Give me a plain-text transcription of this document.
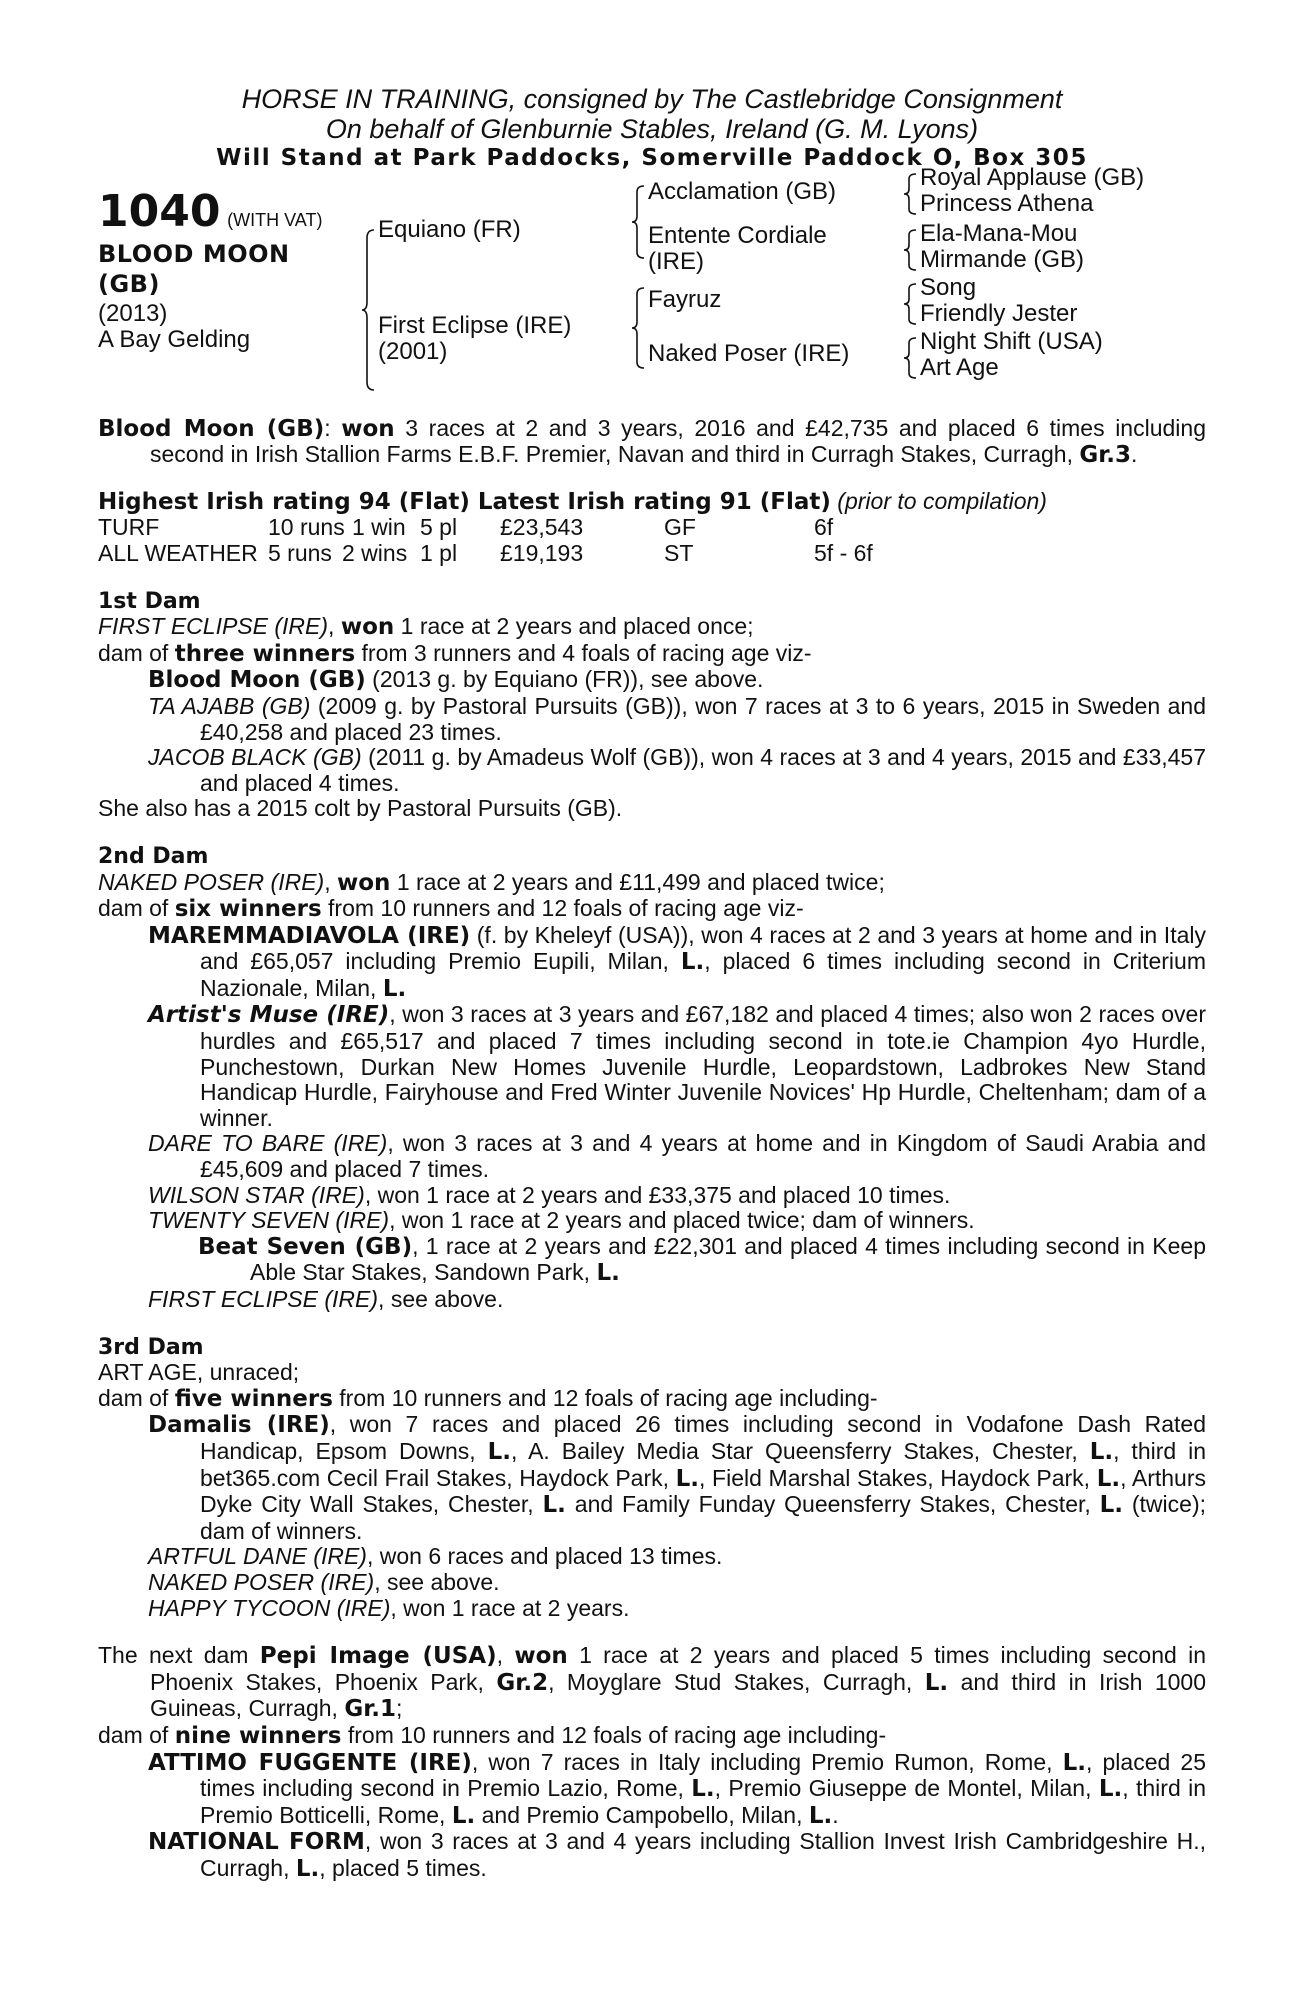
HORSE IN TRAINING, consigned by The Castlebridge Consignment
On behalf of Glenburnie Stables, Ireland (G. M. Lyons)
Will Stand at Park Paddocks, Somerville Paddock O, Box 305
1040 (WITH VAT)
BLOOD MOON
(GB)
(2013)
A Bay Gelding
Equiano (FR)
First Eclipse (IRE)
(2001)
Acclamation (GB)
Entente Cordiale
(IRE)
Fayruz
Naked Poser (IRE)
Royal Applause (GB)
Princess Athena
Ela-Mana-Mou
Mirmande (GB)
Song
Friendly Jester
Night Shift (USA)
Art Age
Blood Moon (GB): won 3 races at 2 and 3 years, 2016 and £42,735 and placed 6 times including second in Irish Stallion Farms E.B.F. Premier, Navan and third in Curragh Stakes, Curragh, Gr.3.
Highest Irish rating 94 (Flat) Latest Irish rating 91 (Flat) (prior to compilation)
TURF	10 runs 1 win 5 pl	£23,543	GF	6f
ALL WEATHER 5 runs 2 wins 1 pl	£19,193	ST	5f - 6f
1st Dam
FIRST ECLIPSE (IRE), won 1 race at 2 years and placed once;
dam of three winners from 3 runners and 4 foals of racing age viz-
Blood Moon (GB) (2013 g. by Equiano (FR)), see above.
TA AJABB (GB) (2009 g. by Pastoral Pursuits (GB)), won 7 races at 3 to 6 years, 2015 in Sweden and £40,258 and placed 23 times.
JACOB BLACK (GB) (2011 g. by Amadeus Wolf (GB)), won 4 races at 3 and 4 years, 2015 and £33,457 and placed 4 times.
She also has a 2015 colt by Pastoral Pursuits (GB).
2nd Dam
NAKED POSER (IRE), won 1 race at 2 years and £11,499 and placed twice;
dam of six winners from 10 runners and 12 foals of racing age viz-
MAREMMADIAVOLA (IRE) (f. by Kheleyf (USA)), won 4 races at 2 and 3 years at home and in Italy and £65,057 including Premio Eupili, Milan, L., placed 6 times including second in Criterium Nazionale, Milan, L.
Artist's Muse (IRE), won 3 races at 3 years and £67,182 and placed 4 times; also won 2 races over hurdles and £65,517 and placed 7 times including second in tote.ie Champion 4yo Hurdle, Punchestown, Durkan New Homes Juvenile Hurdle, Leopardstown, Ladbrokes New Stand Handicap Hurdle, Fairyhouse and Fred Winter Juvenile Novices' Hp Hurdle, Cheltenham; dam of a winner.
DARE TO BARE (IRE), won 3 races at 3 and 4 years at home and in Kingdom of Saudi Arabia and £45,609 and placed 7 times.
WILSON STAR (IRE), won 1 race at 2 years and £33,375 and placed 10 times.
TWENTY SEVEN (IRE), won 1 race at 2 years and placed twice; dam of winners.
Beat Seven (GB), 1 race at 2 years and £22,301 and placed 4 times including second in Keep Able Star Stakes, Sandown Park, L.
FIRST ECLIPSE (IRE), see above.
3rd Dam
ART AGE, unraced;
dam of five winners from 10 runners and 12 foals of racing age including-
Damalis (IRE), won 7 races and placed 26 times including second in Vodafone Dash Rated Handicap, Epsom Downs, L., A. Bailey Media Star Queensferry Stakes, Chester, L., third in bet365.com Cecil Frail Stakes, Haydock Park, L., Field Marshal Stakes, Haydock Park, L., Arthurs Dyke City Wall Stakes, Chester, L. and Family Funday Queensferry Stakes, Chester, L. (twice); dam of winners.
ARTFUL DANE (IRE), won 6 races and placed 13 times.
NAKED POSER (IRE), see above.
HAPPY TYCOON (IRE), won 1 race at 2 years.
The next dam Pepi Image (USA), won 1 race at 2 years and placed 5 times including second in Phoenix Stakes, Phoenix Park, Gr.2, Moyglare Stud Stakes, Curragh, L. and third in Irish 1000 Guineas, Curragh, Gr.1;
dam of nine winners from 10 runners and 12 foals of racing age including-
ATTIMO FUGGENTE (IRE), won 7 races in Italy including Premio Rumon, Rome, L., placed 25 times including second in Premio Lazio, Rome, L., Premio Giuseppe de Montel, Milan, L., third in Premio Botticelli, Rome, L. and Premio Campobello, Milan, L..
NATIONAL FORM, won 3 races at 3 and 4 years including Stallion Invest Irish Cambridgeshire H., Curragh, L., placed 5 times.
